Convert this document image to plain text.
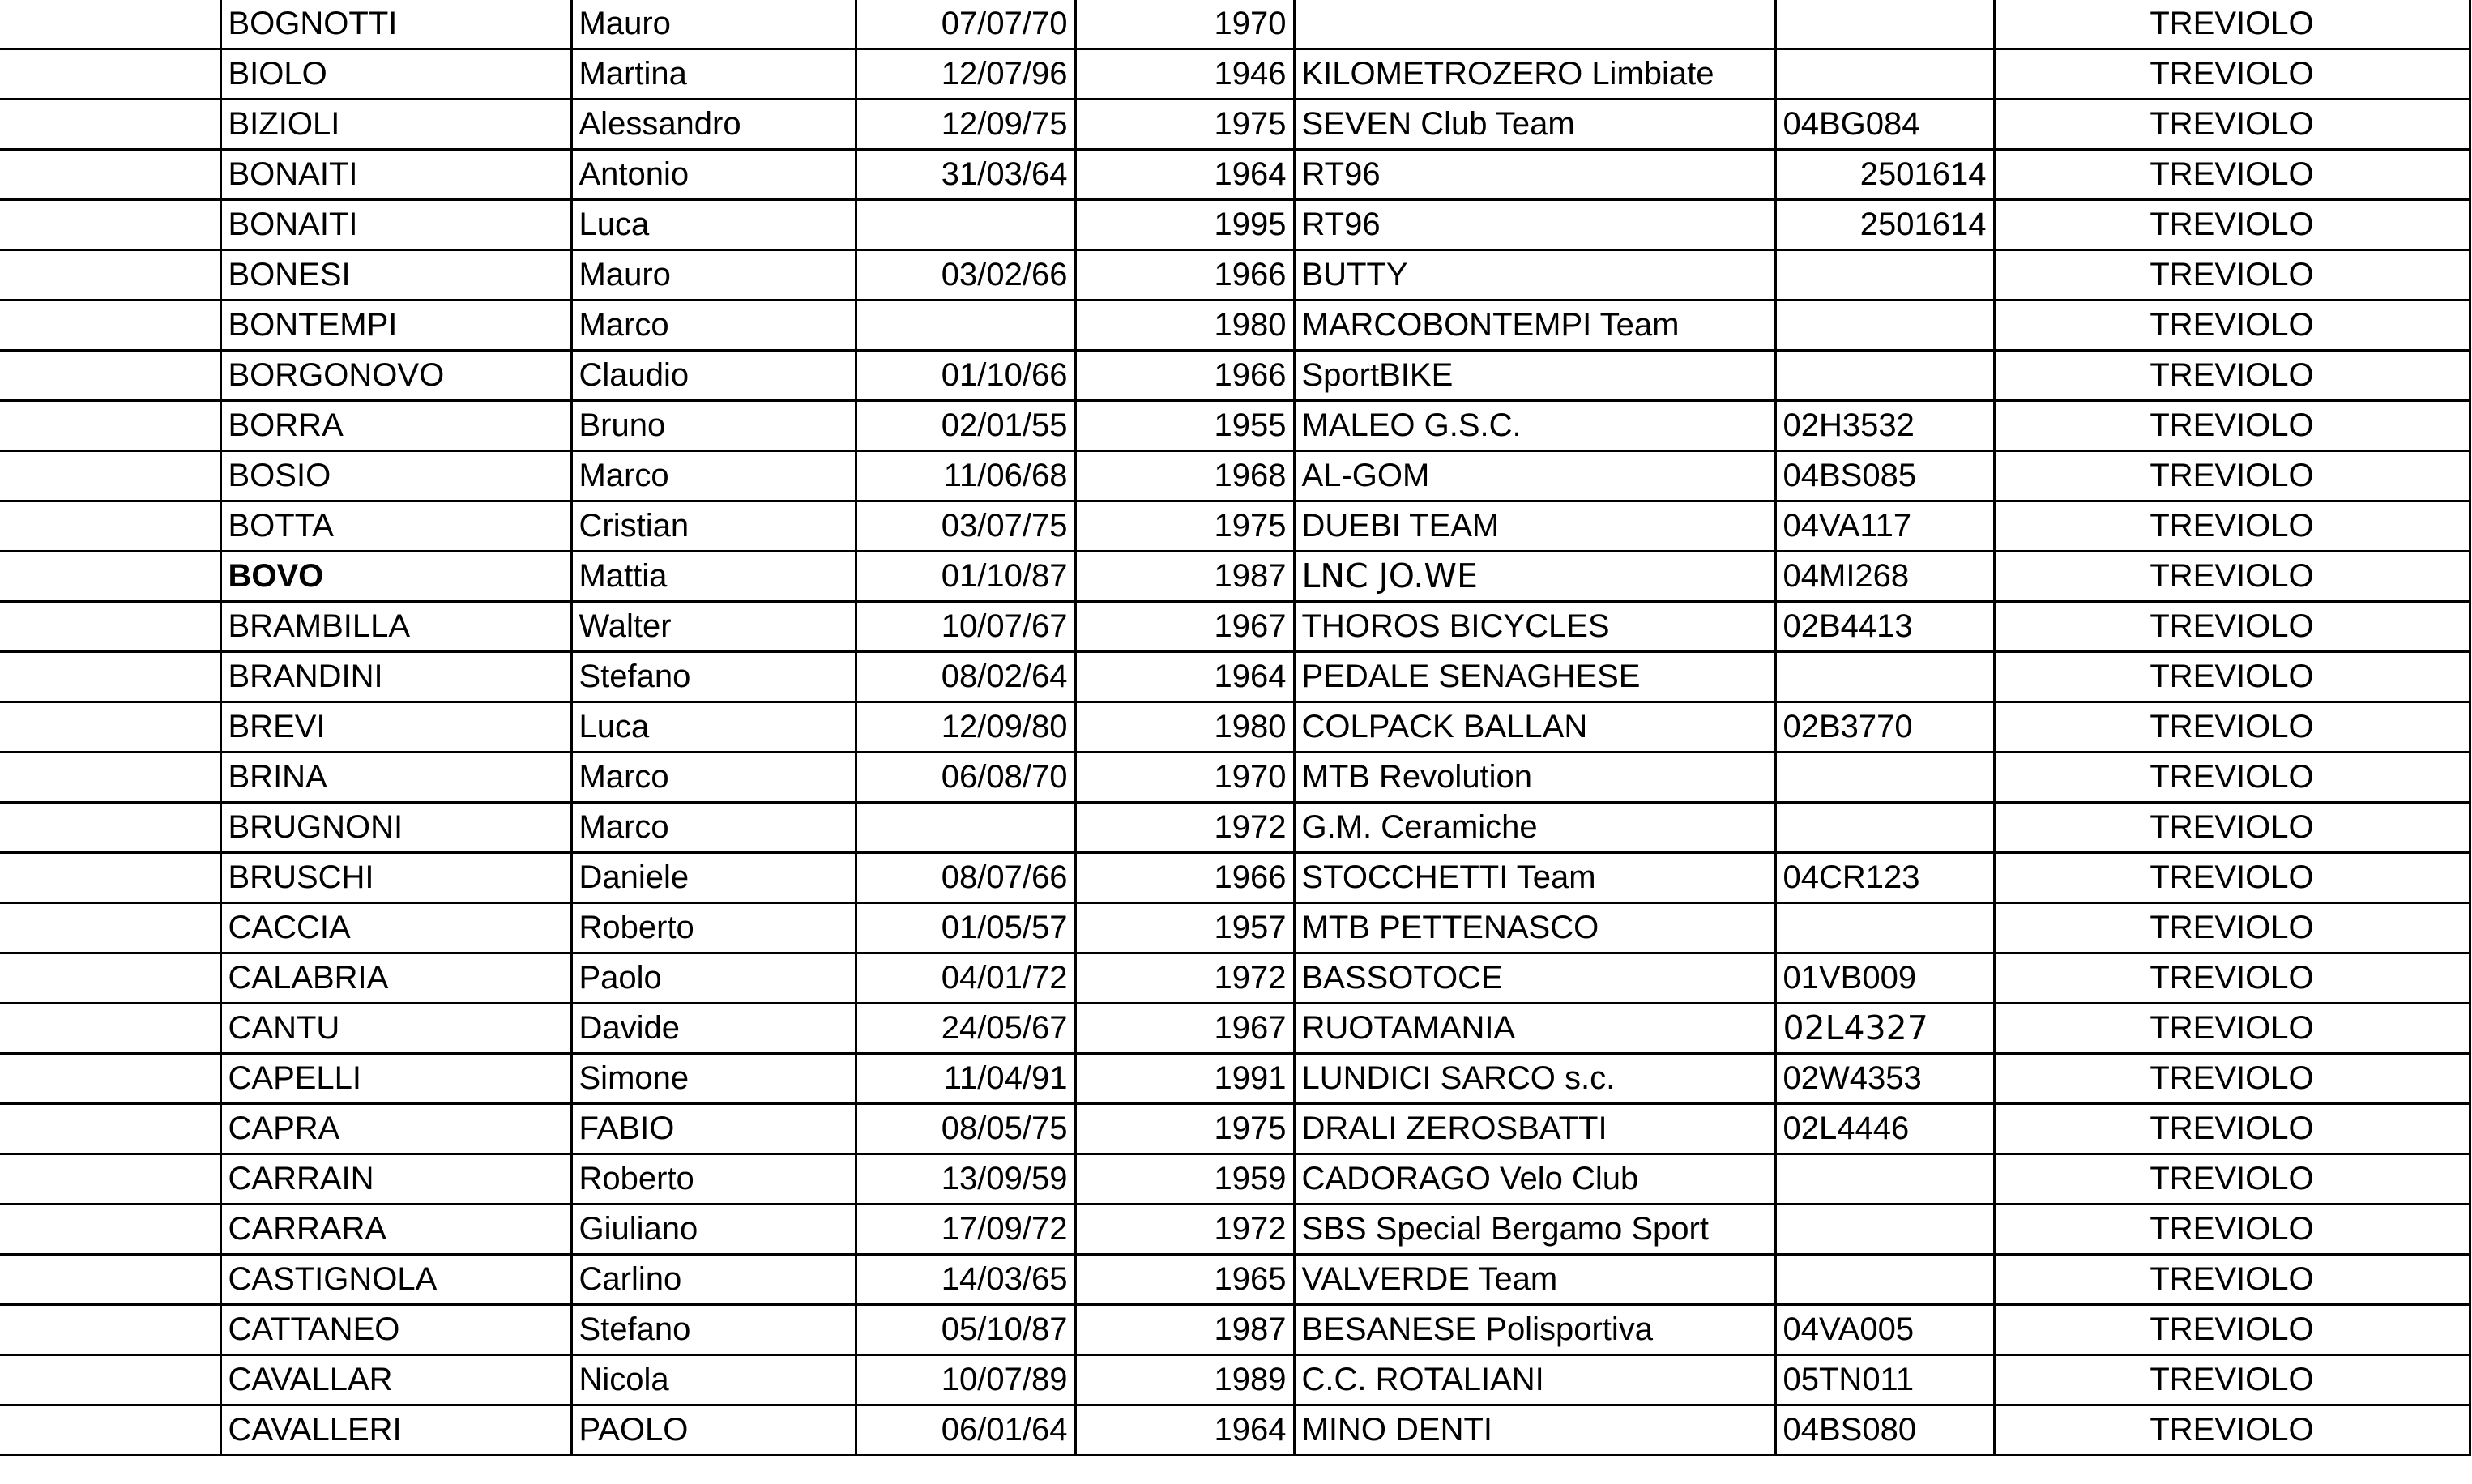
	BOGNOTTI	Mauro	07/07/70	1970			TREVIOLO
	BIOLO	Martina	12/07/96	1946	KILOMETROZERO Limbiate		TREVIOLO
	BIZIOLI	Alessandro	12/09/75	1975	SEVEN Club Team	04BG084	TREVIOLO
	BONAITI	Antonio	31/03/64	1964	RT96	2501614	TREVIOLO
	BONAITI	Luca		1995	RT96	2501614	TREVIOLO
	BONESI	Mauro	03/02/66	1966	BUTTY		TREVIOLO
	BONTEMPI	Marco		1980	MARCOBONTEMPI Team		TREVIOLO
	BORGONOVO	Claudio	01/10/66	1966	SportBIKE		TREVIOLO
	BORRA	Bruno	02/01/55	1955	MALEO G.S.C.	02H3532	TREVIOLO
	BOSIO	Marco	11/06/68	1968	AL-GOM	04BS085	TREVIOLO
	BOTTA	Cristian	03/07/75	1975	DUEBI TEAM	04VA117	TREVIOLO
	BOVO	Mattia	01/10/87	1987	LNC JO.WE	04MI268	TREVIOLO
	BRAMBILLA	Walter	10/07/67	1967	THOROS BICYCLES	02B4413	TREVIOLO
	BRANDINI	Stefano	08/02/64	1964	PEDALE SENAGHESE		TREVIOLO
	BREVI	Luca	12/09/80	1980	COLPACK BALLAN	02B3770	TREVIOLO
	BRINA	Marco	06/08/70	1970	MTB Revolution		TREVIOLO
	BRUGNONI	Marco		1972	G.M. Ceramiche		TREVIOLO
	BRUSCHI	Daniele	08/07/66	1966	STOCCHETTI Team	04CR123	TREVIOLO
	CACCIA	Roberto	01/05/57	1957	MTB PETTENASCO		TREVIOLO
	CALABRIA	Paolo	04/01/72	1972	BASSOTOCE	01VB009	TREVIOLO
	CANTU	Davide	24/05/67	1967	RUOTAMANIA	02L4327	TREVIOLO
	CAPELLI	Simone	11/04/91	1991	LUNDICI SARCO s.c.	02W4353	TREVIOLO
	CAPRA	FABIO	08/05/75	1975	DRALI ZEROSBATTI	02L4446	TREVIOLO
	CARRAIN	Roberto	13/09/59	1959	CADORAGO Velo Club		TREVIOLO
	CARRARA	Giuliano	17/09/72	1972	SBS Special Bergamo Sport		TREVIOLO
	CASTIGNOLA	Carlino	14/03/65	1965	VALVERDE Team		TREVIOLO
	CATTANEO	Stefano	05/10/87	1987	BESANESE Polisportiva	04VA005	TREVIOLO
	CAVALLAR	Nicola	10/07/89	1989	C.C. ROTALIANI	05TN011	TREVIOLO
	CAVALLERI	PAOLO	06/01/64	1964	MINO DENTI	04BS080	TREVIOLO
